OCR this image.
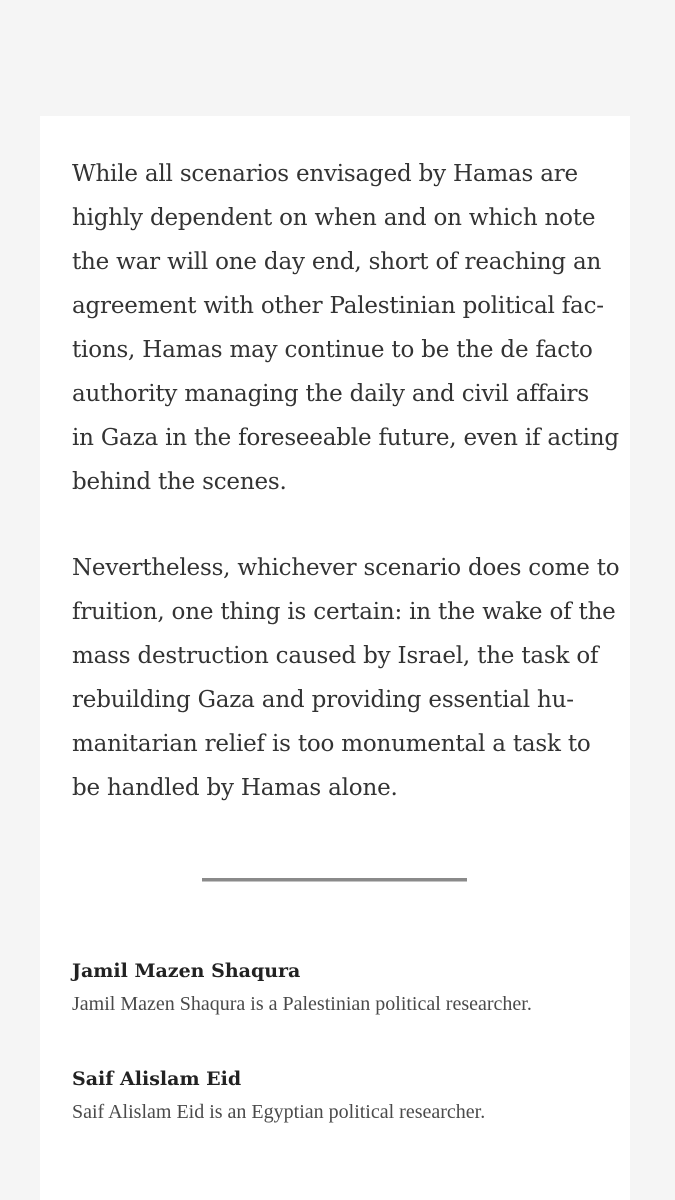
While all scenarios envisaged by Hamas are
highly dependent on when and on which note
the war will one day end, short of reaching an
agreement with other Palestinian political fac-
tions, Hamas may continue to be the de facto
authority managing the daily and civil affairs
in Gaza in the foreseeable future, even if acting
behind the scenes.

Nevertheless, whichever scenario does come to
fruition, one thing is certain: in the wake of the
mass destruction caused by Israel, the task of
rebuilding Gaza and providing essential hu-
manitarian relief is too monumental a task to
be handled by Hamas alone.

Jamil Mazen Shaqura
Jamil Mazen Shaqura is a Palestinian political researcher.
Saif Alislam Eid
Saif Alislam Eid is an Egyptian political researcher.
